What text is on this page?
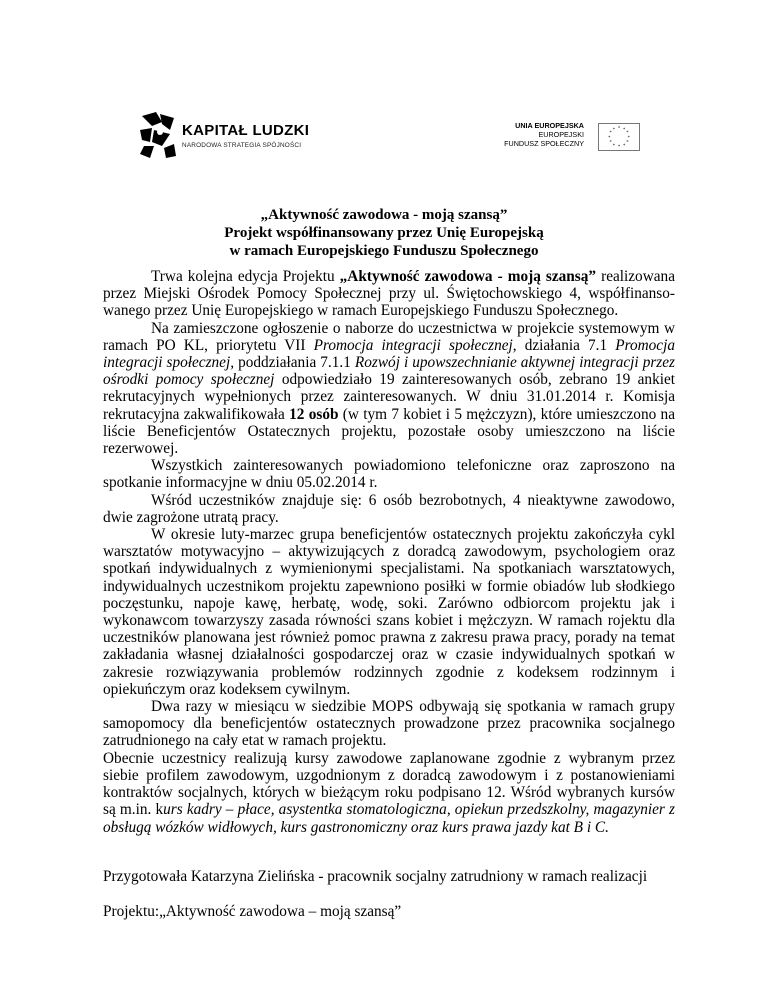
KAPITAŁ LUDZKI
NARODOWA STRATEGIA SPÓJNOŚCI
UNIA EUROPEJSKA
EUROPEJSKI
FUNDUSZ SPOŁECZNY
* *
*
*
*
*
*
*
*
*
*
*
„Aktywność zawodowa - moją szansą”
Projekt współfinansowany przez Unię Europejską
w ramach Europejskiego Funduszu Społecznego

Trwa kolejna edycja Projektu „Aktywność zawodowa - moją szansą” realizowana przez Miejski Ośrodek Pomocy Społecznej przy ul. Świętochowskiego 4, współfinanso-wanego przez Unię Europejskiego w ramach Europejskiego Funduszu Społecznego.

Na zamieszczone ogłoszenie o naborze do uczestnictwa w projekcie systemowym w ramach PO KL, priorytetu VII Promocja integracji społecznej, działania 7.1 Promocja integracji społecznej, poddziałania 7.1.1 Rozwój i upowszechnianie aktywnej integracji przez ośrodki pomocy społecznej odpowiedziało 19 zainteresowanych osób, zebrano 19 ankiet rekrutacyjnych wypełnionych przez zainteresowanych. W dniu 31.01.2014 r. Komisja rekrutacyjna zakwalifikowała 12 osób (w tym 7 kobiet i 5 mężczyzn), które umieszczono na liście Beneficjentów Ostatecznych projektu, pozostałe osoby umieszczono na liście rezerwowej.

Wszystkich zainteresowanych powiadomiono telefoniczne oraz zaproszono na spotkanie informacyjne w dniu 05.02.2014 r.

Wśród uczestników znajduje się: 6 osób bezrobotnych, 4 nieaktywne zawodowo, dwie zagrożone utratą pracy.

W okresie luty-marzec grupa beneficjentów ostatecznych projektu zakończyła cykl warsztatów motywacyjno – aktywizujących z doradcą zawodowym, psychologiem oraz spotkań indywidualnych z wymienionymi specjalistami. Na spotkaniach warsztatowych, indywidualnych uczestnikom projektu zapewniono posiłki w formie obiadów lub słodkiego poczęstunku, napoje kawę, herbatę, wodę, soki. Zarówno odbiorcom projektu jak i wykonawcom towarzyszy zasada równości szans kobiet i mężczyzn. W ramach rojektu dla uczestników planowana jest również pomoc prawna z zakresu prawa pracy, porady na temat zakładania własnej działalności gospodarczej oraz w czasie indywidualnych spotkań w zakresie rozwiązywania problemów rodzinnych zgodnie z kodeksem rodzinnym i opiekuńczym oraz kodeksem cywilnym.

Dwa razy w miesiącu w siedzibie MOPS odbywają się spotkania w ramach grupy samopomocy dla beneficjentów ostatecznych prowadzone przez pracownika socjalnego zatrudnionego na cały etat w ramach projektu.

Obecnie uczestnicy realizują kursy zawodowe zaplanowane zgodnie z wybranym przez siebie profilem zawodowym, uzgodnionym z doradcą zawodowym i z postanowieniami kontraktów socjalnych, których w bieżącym roku podpisano 12. Wśród wybranych kursów są m.in. kurs kadry – płace, asystentka stomatologiczna, opiekun przedszkolny, magazynier z obsługą wózków widłowych, kurs gastronomiczny oraz kurs prawa jazdy kat B i C.

Przygotowała Katarzyna Zielińska - pracownik socjalny zatrudniony w ramach realizacji
Projektu:„Aktywność zawodowa – moją szansą”
